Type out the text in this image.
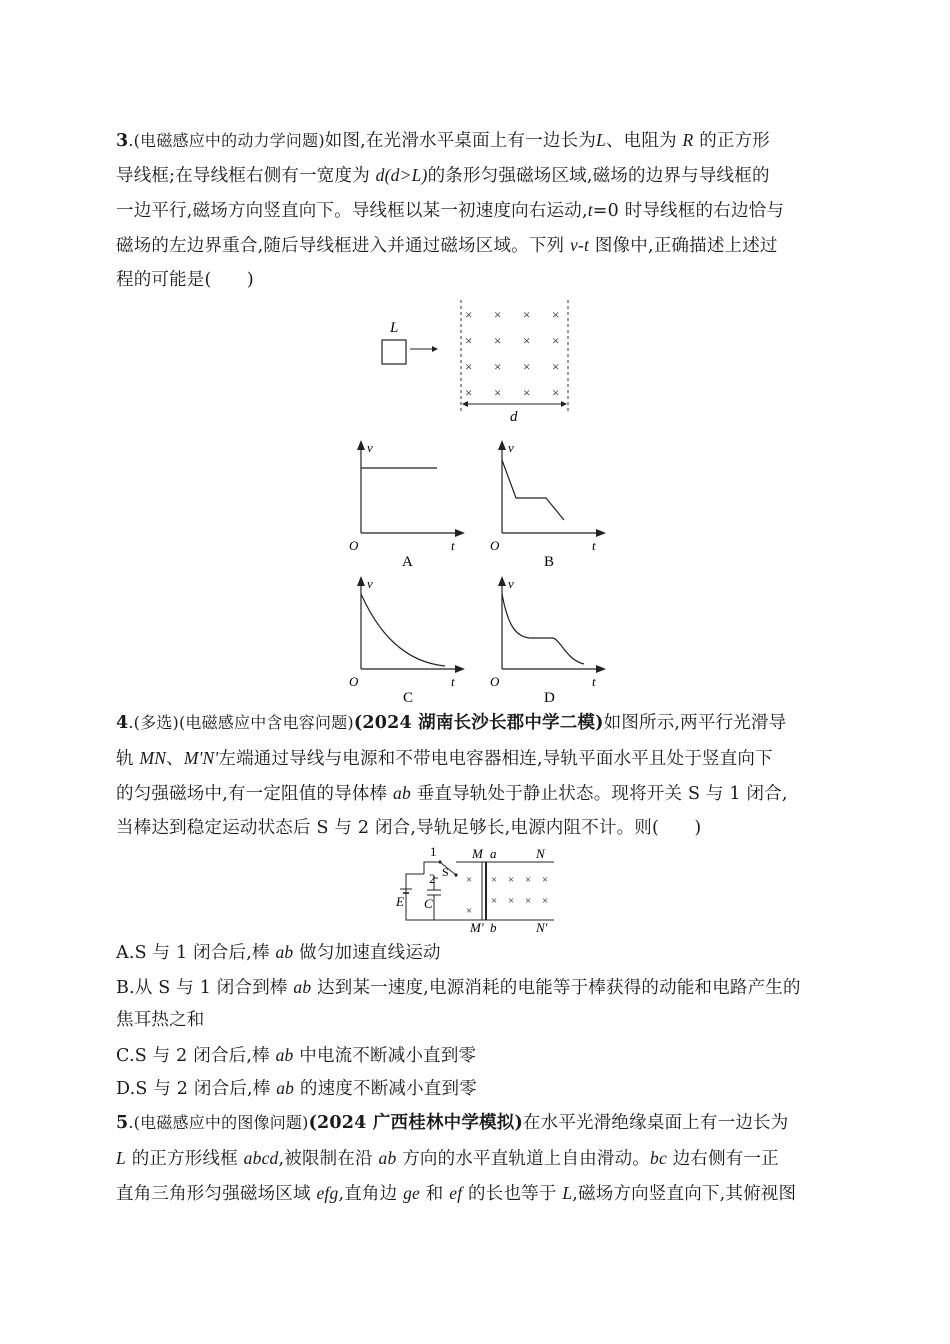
3.(电磁感应中的动力学问题)如图,在光滑水平桌面上有一边长为L、电阻为 R 的正方形
导线框;在导线框右侧有一宽度为 d(d>L)的条形匀强磁场区域,磁场的边界与导线框的
一边平行,磁场方向竖直向下。导线框以某一初速度向右运动,t=0 时导线框的右边恰与
磁场的左边界重合,随后导线框进入并通过磁场区域。下列 v-t 图像中,正确描述上述过
程的可能是(　　)
L
× × × ×
× × × ×
× × × ×
× × × ×
d
v
t
O
A
v
t
O
B
v
t
O
C
v
t
O
D
4.(多选)(电磁感应中含电容问题)(2024 湖南长沙长郡中学二模)如图所示,两平行光滑导
轨 MN、M'N'左端通过导线与电源和不带电电容器相连,导轨平面水平且处于竖直向下
的匀强磁场中,有一定阻值的导体棒 ab 垂直导轨处于静止状态。现将开关 S 与 1 闭合,
当棒达到稳定运动状态后 S 与 2 闭合,导轨足够长,电源内阻不计。则(　　)
1
2 S
E C
M a	N
M′ b	N′
×
×
× × × ×
× × × ×
A.S 与 1 闭合后,棒 ab 做匀加速直线运动
B.从 S 与 1 闭合到棒 ab 达到某一速度,电源消耗的电能等于棒获得的动能和电路产生的
焦耳热之和
C.S 与 2 闭合后,棒 ab 中电流不断减小直到零
D.S 与 2 闭合后,棒 ab 的速度不断减小直到零
5.(电磁感应中的图像问题)(2024 广西桂林中学模拟)在水平光滑绝缘桌面上有一边长为
L 的正方形线框 abcd,被限制在沿 ab 方向的水平直轨道上自由滑动。bc 边右侧有一正
直角三角形匀强磁场区域 efg,直角边 ge 和 ef 的长也等于 L,磁场方向竖直向下,其俯视图
